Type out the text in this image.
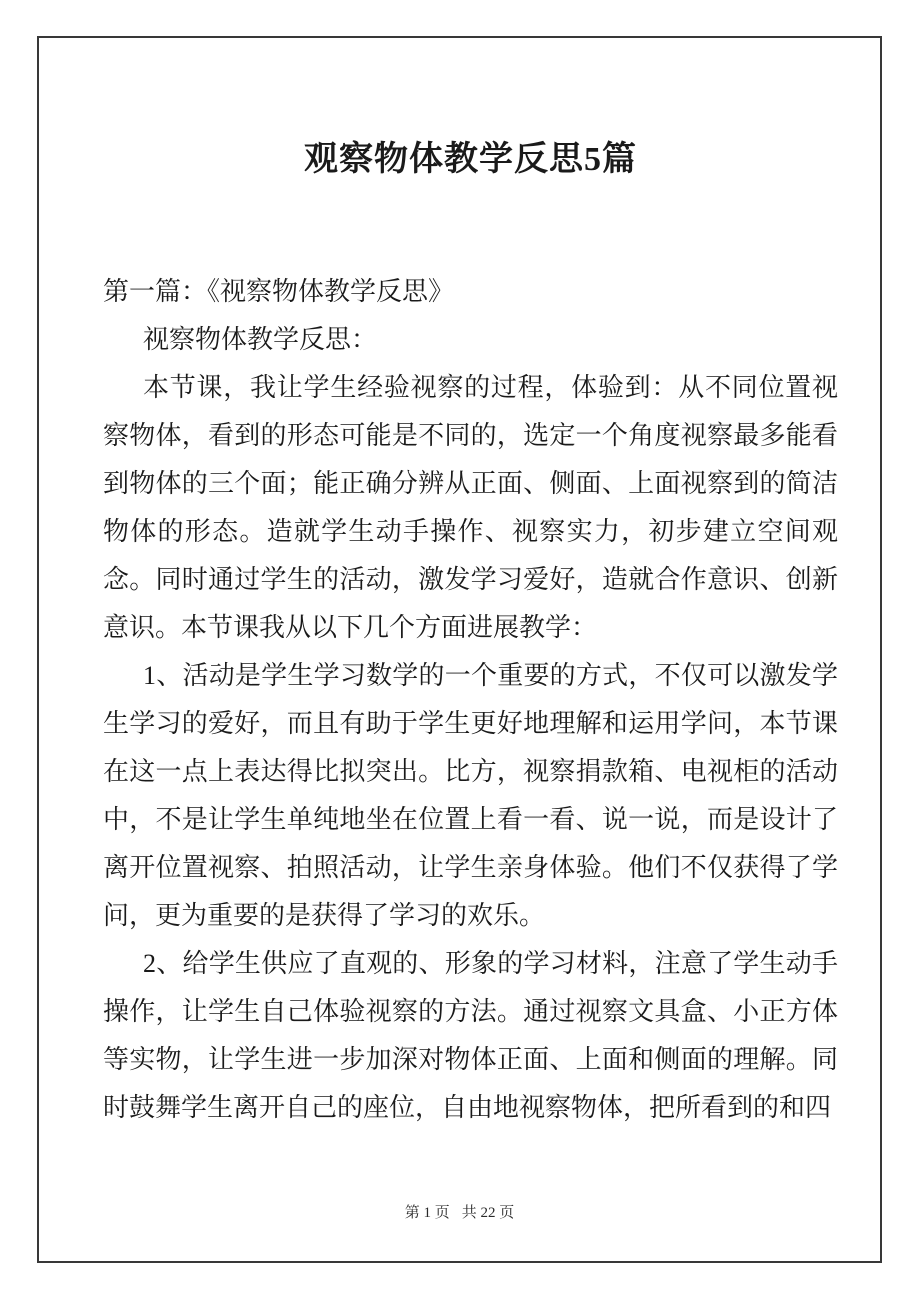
观察物体教学反思5篇

第一篇：《视察物体教学反思》

视察物体教学反思：

本节课，我让学生经验视察的过程，体验到：从不同位置视察物体，看到的形态可能是不同的，选定一个角度视察最多能看到物体的三个面；能正确分辨从正面、侧面、上面视察到的简洁物体的形态。造就学生动手操作、视察实力，初步建立空间观念。同时通过学生的活动，激发学习爱好，造就合作意识、创新意识。本节课我从以下几个方面进展教学：

1、活动是学生学习数学的一个重要的方式，不仅可以激发学生学习的爱好，而且有助于学生更好地理解和运用学问，本节课在这一点上表达得比拟突出。比方，视察捐款箱、电视柜的活动中，不是让学生单纯地坐在位置上看一看、说一说，而是设计了离开位置视察、拍照活动，让学生亲身体验。他们不仅获得了学问，更为重要的是获得了学习的欢乐。

2、给学生供应了直观的、形象的学习材料，注意了学生动手操作，让学生自己体验视察的方法。通过视察文具盒、小正方体等实物，让学生进一步加深对物体正面、上面和侧面的理解。同时鼓舞学生离开自己的座位，自由地视察物体，把所看到的和四

第 1 页 共 22 页
